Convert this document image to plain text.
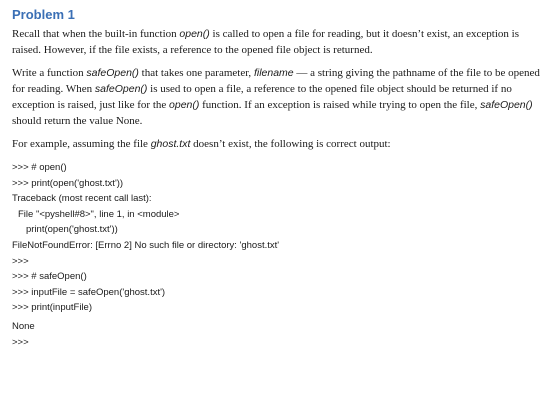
Problem 1

Recall that when the built-in function open() is called to open a file for reading, but it doesn’t exist, an exception is raised. However, if the file exists, a reference to the opened file object is returned.

Write a function safeOpen() that takes one parameter, filename — a string giving the pathname of the file to be opened for reading. When safeOpen() is used to open a file, a reference to the opened file object should be returned if no exception is raised, just like for the open() function. If an exception is raised while trying to open the file, safeOpen() should return the value None.

For example, assuming the file ghost.txt doesn’t exist, the following is correct output:

>>> # open()
>>> print(open('ghost.txt'))
Traceback (most recent call last):
File "<pyshell#8>", line 1, in <module>
print(open('ghost.txt'))
FileNotFoundError: [Errno 2] No such file or directory: 'ghost.txt'
>>>
>>> # safeOpen()
>>> inputFile = safeOpen('ghost.txt')
>>> print(inputFile)
None
>>>
